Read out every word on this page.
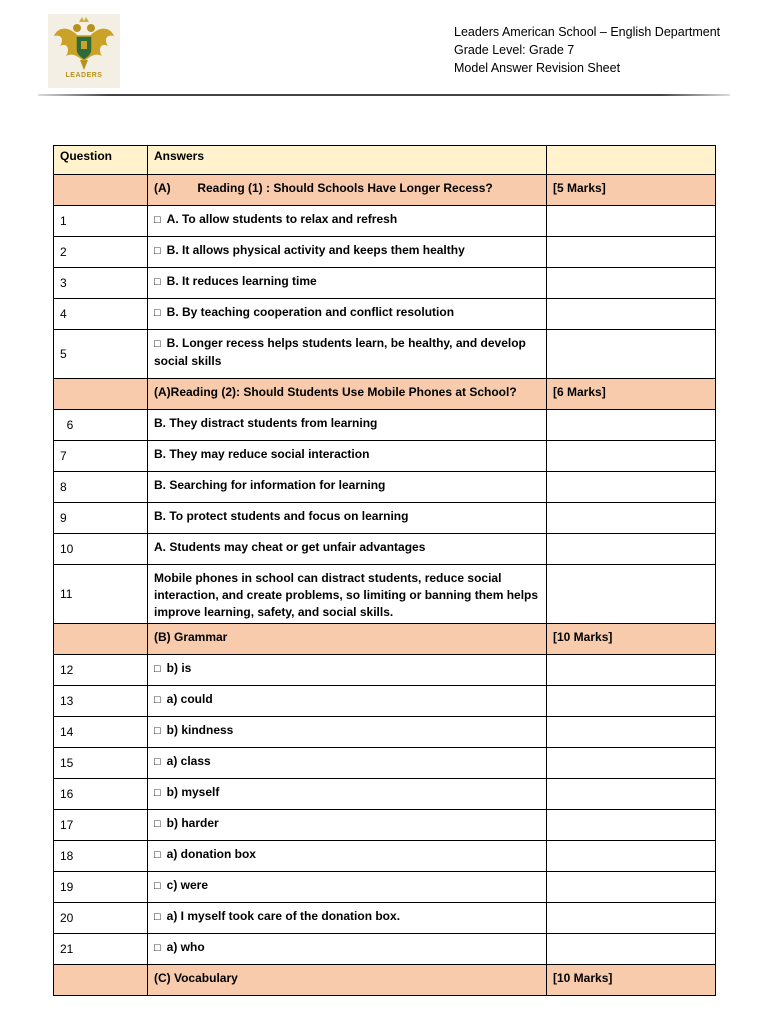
LEADERS
Leaders American School – English Department
Grade Level: Grade 7
Model Answer Revision Sheet
Question	Answers	
	(A)        Reading (1) : Should Schools Have Longer Recess?	[5 Marks]
1	□ A. To allow students to relax and refresh	
2	□ B. It allows physical activity and keeps them healthy	
3	□ B. It reduces learning time	
4	□ B. By teaching cooperation and conflict resolution	
5	□ B. Longer recess helps students learn, be healthy, and develop social skills	
	(A)Reading (2): Should Students Use Mobile Phones at School?	[6 Marks]
6	B. They distract students from learning	
7	B. They may reduce social interaction	
8	B. Searching for information for learning	
9	B. To protect students and focus on learning	
10	A. Students may cheat or get unfair advantages	
11	Mobile phones in school can distract students, reduce social interaction, and create problems, so limiting or banning them helps improve learning, safety, and social skills.	
	(B) Grammar	[10 Marks]
12	□ b) is	
13	□ a) could	
14	□ b) kindness	
15	□ a) class	
16	□ b) myself	
17	□ b) harder	
18	□ a) donation box	
19	□ c) were	
20	□ a) I myself took care of the donation box.	
21	□ a) who	
	(C) Vocabulary	[10 Marks]
